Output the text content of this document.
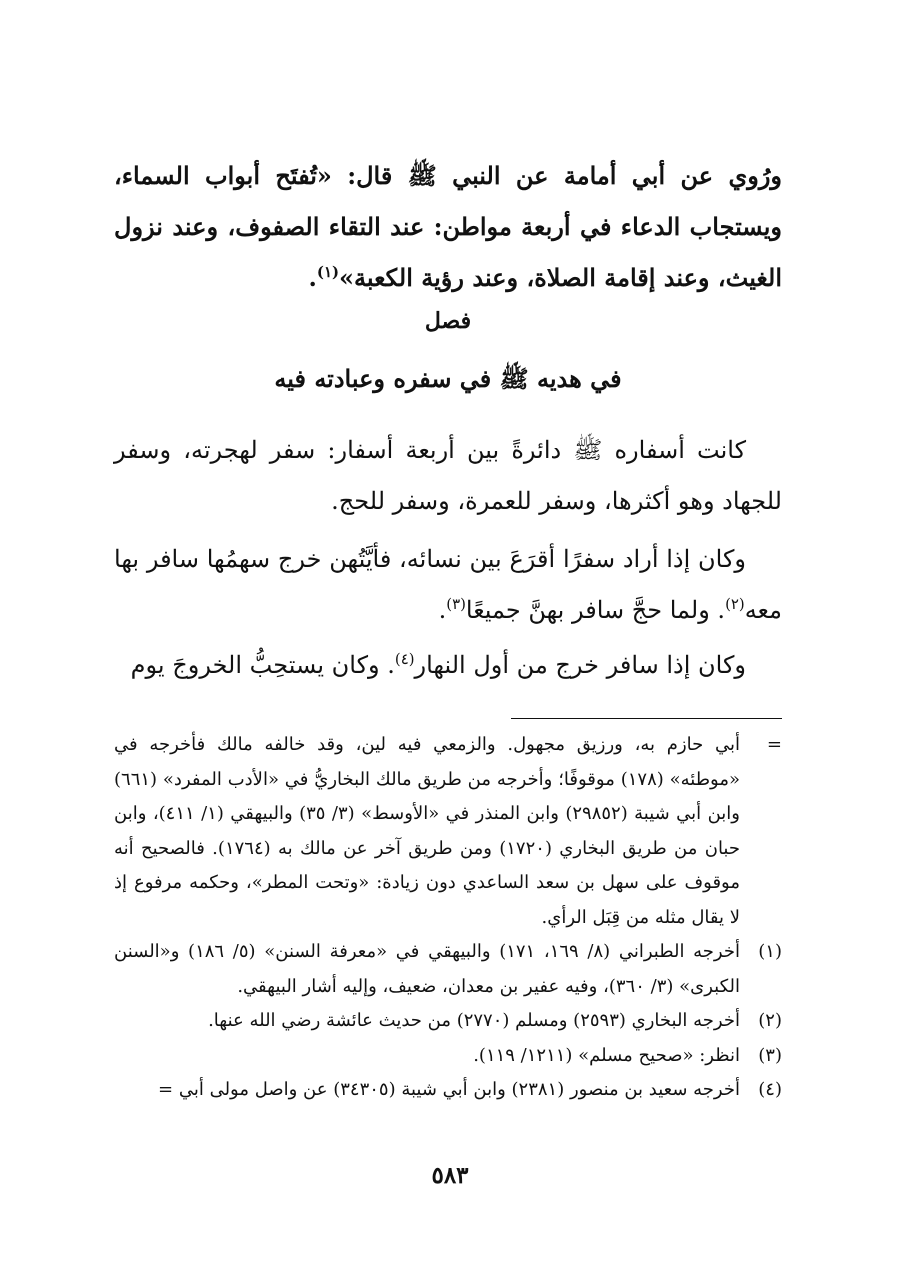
ورُوي عن أبي أمامة عن النبي ﷺ قال: «تُفتَح أبواب السماء، ويستجاب الدعاء في أربعة مواطن: عند التقاء الصفوف، وعند نزول الغيث، وعند إقامة الصلاة، وعند رؤية الكعبة»$^{(١)}$.

فصل
في هديه ﷺ في سفره وعبادته فيه

كانت أسفاره ﷺ دائرةً بين أربعة أسفار: سفر لهجرته، وسفر للجهاد وهو أكثرها، وسفر للعمرة، وسفر للحج.

وكان إذا أراد سفرًا أقرَعَ بين نسائه، فأيَّتُهن خرج سهمُها سافر بها معه$^{(٢)}$. ولما حجَّ سافر بهنَّ جميعًا$^{(٣)}$.

وكان إذا سافر خرج من أول النهار$^{(٤)}$. وكان يستحِبُّ الخروجَ يوم

=
أبي حازم به، ورزيق مجهول. والزمعي فيه لين، وقد خالفه مالك فأخرجه في «موطئه» (١٧٨) موقوفًا؛ وأخرجه من طريق مالك البخاريُّ في «الأدب المفرد» (٦٦١) وابن أبي شيبة (٢٩٨٥٢) وابن المنذر في «الأوسط» (٣/ ٣٥) والبيهقي (١/ ٤١١)، وابن حبان من طريق البخاري (١٧٢٠) ومن طريق آخر عن مالك به (١٧٦٤). فالصحيح أنه موقوف على سهل بن سعد الساعدي دون زيادة: «وتحت المطر»، وحكمه مرفوع إذ لا يقال مثله من قِبَل الرأي.
(١)
أخرجه الطبراني (٨/ ١٦٩، ١٧١) والبيهقي في «معرفة السنن» (٥/ ١٨٦) و«السنن الكبرى» (٣/ ٣٦٠)، وفيه عفير بن معدان، ضعيف، وإليه أشار البيهقي.
(٢)
أخرجه البخاري (٢٥٩٣) ومسلم (٢٧٧٠) من حديث عائشة رضي الله عنها.
(٣)
انظر: «صحيح مسلم» (١٢١١/ ١١٩).
(٤)
أخرجه سعيد بن منصور (٢٣٨١) وابن أبي شيبة (٣٤٣٠٥) عن واصل مولى أبي =
٥٨٣
